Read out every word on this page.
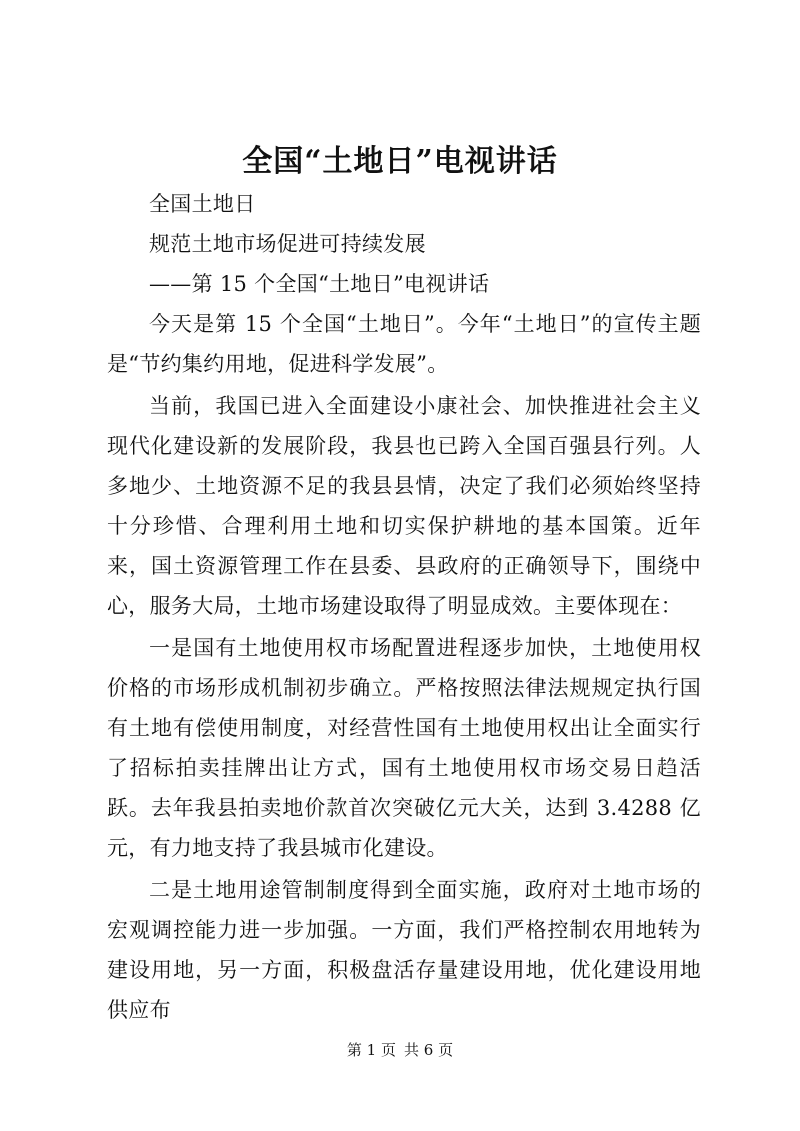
全国“土地日”电视讲话

全国土地日

规范土地市场促进可持续发展

——第 15 个全国“土地日”电视讲话

今天是第 15 个全国“土地日”。今年“土地日”的宣传主题是“节约集约用地，促进科学发展”。

当前，我国已进入全面建设小康社会、加快推进社会主义现代化建设新的发展阶段，我县也已跨入全国百强县行列。人多地少、土地资源不足的我县县情，决定了我们必须始终坚持十分珍惜、合理利用土地和切实保护耕地的基本国策。近年来，国土资源管理工作在县委、县政府的正确领导下，围绕中心，服务大局，土地市场建设取得了明显成效。主要体现在：

一是国有土地使用权市场配置进程逐步加快，土地使用权价格的市场形成机制初步确立。严格按照法律法规规定执行国有土地有偿使用制度，对经营性国有土地使用权出让全面实行了招标拍卖挂牌出让方式，国有土地使用权市场交易日趋活跃。去年我县拍卖地价款首次突破亿元大关，达到 3.4288 亿元，有力地支持了我县城市化建设。

二是土地用途管制制度得到全面实施，政府对土地市场的宏观调控能力进一步加强。一方面，我们严格控制农用地转为建设用地，另一方面，积极盘活存量建设用地，优化建设用地供应布

第 1 页 共 6 页
